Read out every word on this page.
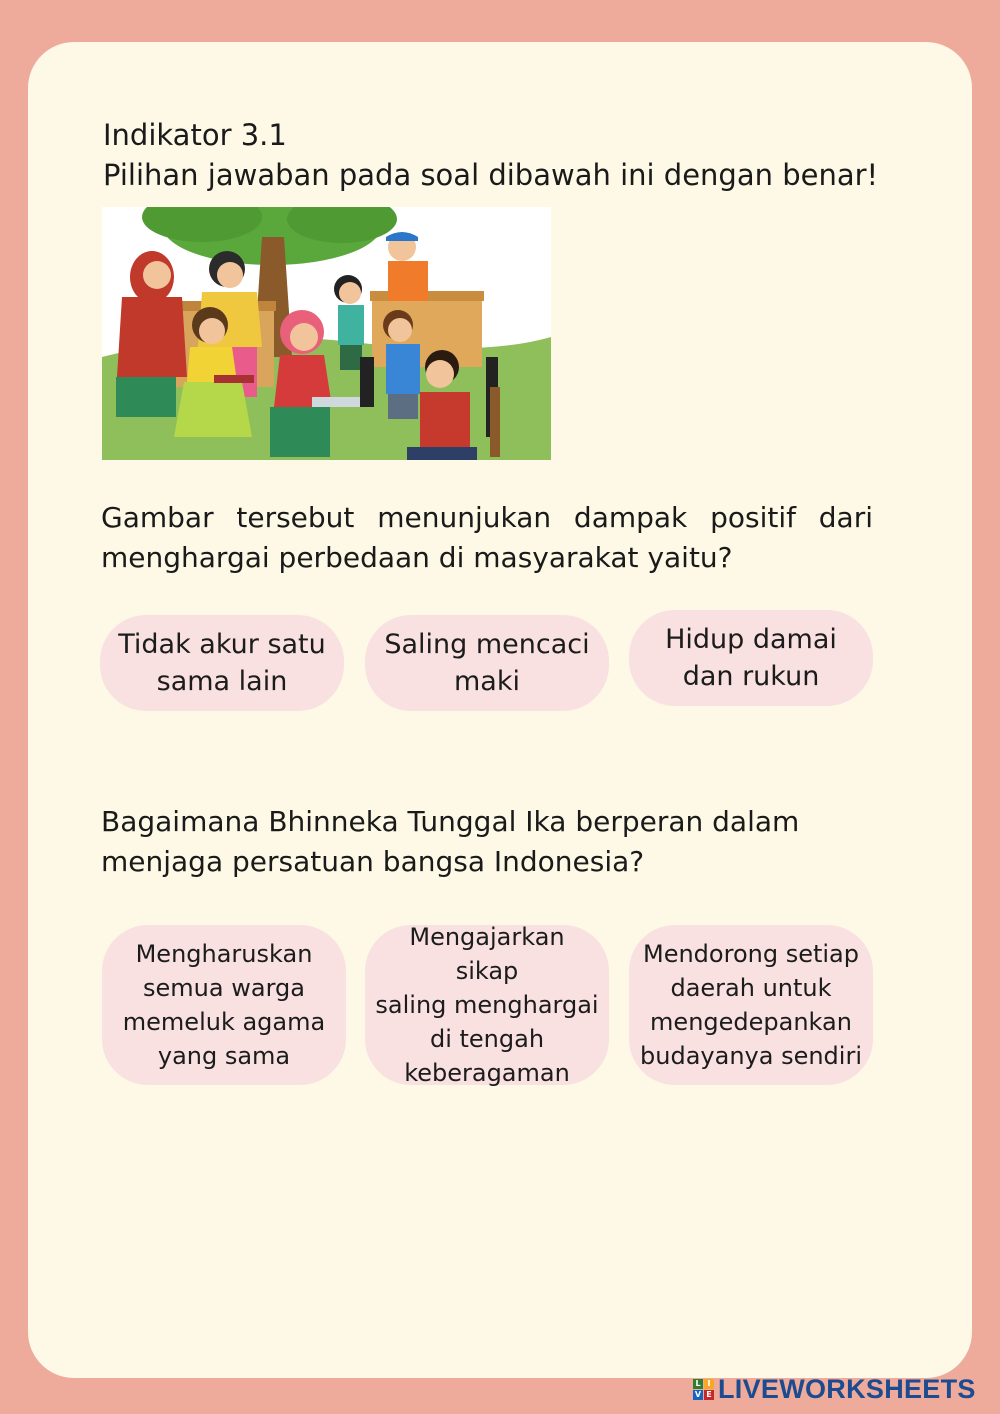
Indikator 3.1
Pilihan jawaban pada soal dibawah ini dengan benar!
Gambar tersebut menunjukan dampak positif dari
menghargai perbedaan di masyarakat yaitu?
Tidak akur satu
sama lain
Saling mencaci
maki
Hidup damai
dan rukun
Bagaimana Bhinneka Tunggal Ika berperan dalam
menjaga persatuan bangsa Indonesia?
Mengharuskan
semua warga
memeluk agama
yang sama
Mengajarkan sikap
saling menghargai
di tengah
keberagaman
Mendorong setiap
daerah untuk
mengedepankan
budayanya sendiri
L I
V E LIVEWORKSHEETS
